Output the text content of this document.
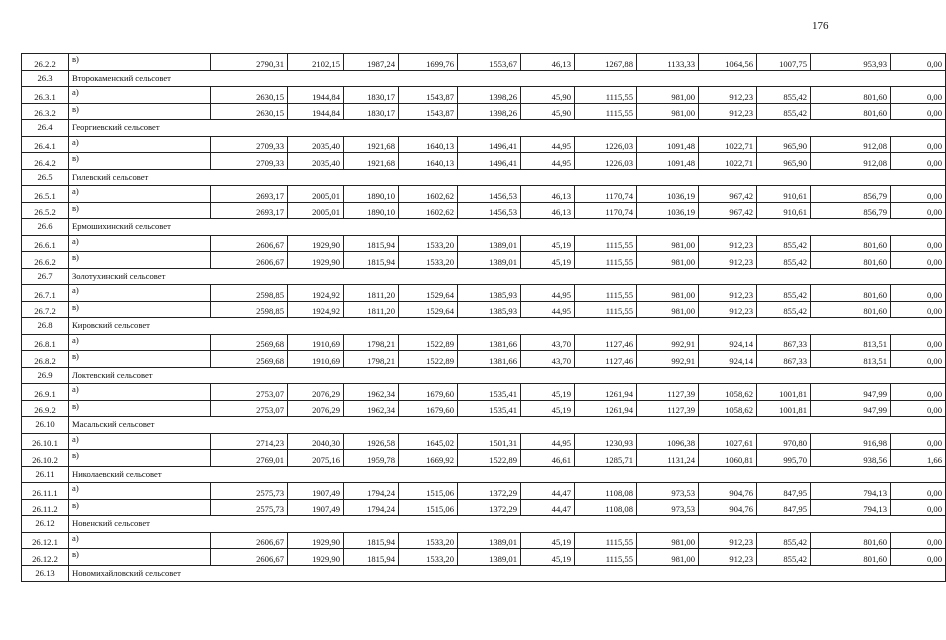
176
26.2.2	в)	2790,31	2102,15	1987,24	1699,76	1553,67	46,13	1267,88	1133,33	1064,56	1007,75	953,93	0,00
26.3	Второкаменский сельсовет												
26.3.1	а)	2630,15	1944,84	1830,17	1543,87	1398,26	45,90	1115,55	981,00	912,23	855,42	801,60	0,00
26.3.2	в)	2630,15	1944,84	1830,17	1543,87	1398,26	45,90	1115,55	981,00	912,23	855,42	801,60	0,00
26.4	Георгиевский сельсовет												
26.4.1	а)	2709,33	2035,40	1921,68	1640,13	1496,41	44,95	1226,03	1091,48	1022,71	965,90	912,08	0,00
26.4.2	в)	2709,33	2035,40	1921,68	1640,13	1496,41	44,95	1226,03	1091,48	1022,71	965,90	912,08	0,00
26.5	Гилевский сельсовет												
26.5.1	а)	2693,17	2005,01	1890,10	1602,62	1456,53	46,13	1170,74	1036,19	967,42	910,61	856,79	0,00
26.5.2	в)	2693,17	2005,01	1890,10	1602,62	1456,53	46,13	1170,74	1036,19	967,42	910,61	856,79	0,00
26.6	Ермошихинский сельсовет												
26.6.1	а)	2606,67	1929,90	1815,94	1533,20	1389,01	45,19	1115,55	981,00	912,23	855,42	801,60	0,00
26.6.2	в)	2606,67	1929,90	1815,94	1533,20	1389,01	45,19	1115,55	981,00	912,23	855,42	801,60	0,00
26.7	Золотухинский сельсовет												
26.7.1	а)	2598,85	1924,92	1811,20	1529,64	1385,93	44,95	1115,55	981,00	912,23	855,42	801,60	0,00
26.7.2	в)	2598,85	1924,92	1811,20	1529,64	1385,93	44,95	1115,55	981,00	912,23	855,42	801,60	0,00
26.8	Кировский сельсовет												
26.8.1	а)	2569,68	1910,69	1798,21	1522,89	1381,66	43,70	1127,46	992,91	924,14	867,33	813,51	0,00
26.8.2	в)	2569,68	1910,69	1798,21	1522,89	1381,66	43,70	1127,46	992,91	924,14	867,33	813,51	0,00
26.9	Локтевский сельсовет												
26.9.1	а)	2753,07	2076,29	1962,34	1679,60	1535,41	45,19	1261,94	1127,39	1058,62	1001,81	947,99	0,00
26.9.2	в)	2753,07	2076,29	1962,34	1679,60	1535,41	45,19	1261,94	1127,39	1058,62	1001,81	947,99	0,00
26.10	Масальский сельсовет												
26.10.1	а)	2714,23	2040,30	1926,58	1645,02	1501,31	44,95	1230,93	1096,38	1027,61	970,80	916,98	0,00
26.10.2	в)	2769,01	2075,16	1959,78	1669,92	1522,89	46,61	1285,71	1131,24	1060,81	995,70	938,56	1,66
26.11	Николаевский сельсовет												
26.11.1	а)	2575,73	1907,49	1794,24	1515,06	1372,29	44,47	1108,08	973,53	904,76	847,95	794,13	0,00
26.11.2	в)	2575,73	1907,49	1794,24	1515,06	1372,29	44,47	1108,08	973,53	904,76	847,95	794,13	0,00
26.12	Новенский сельсовет												
26.12.1	а)	2606,67	1929,90	1815,94	1533,20	1389,01	45,19	1115,55	981,00	912,23	855,42	801,60	0,00
26.12.2	в)	2606,67	1929,90	1815,94	1533,20	1389,01	45,19	1115,55	981,00	912,23	855,42	801,60	0,00
26.13	Новомихайловский сельсовет												
